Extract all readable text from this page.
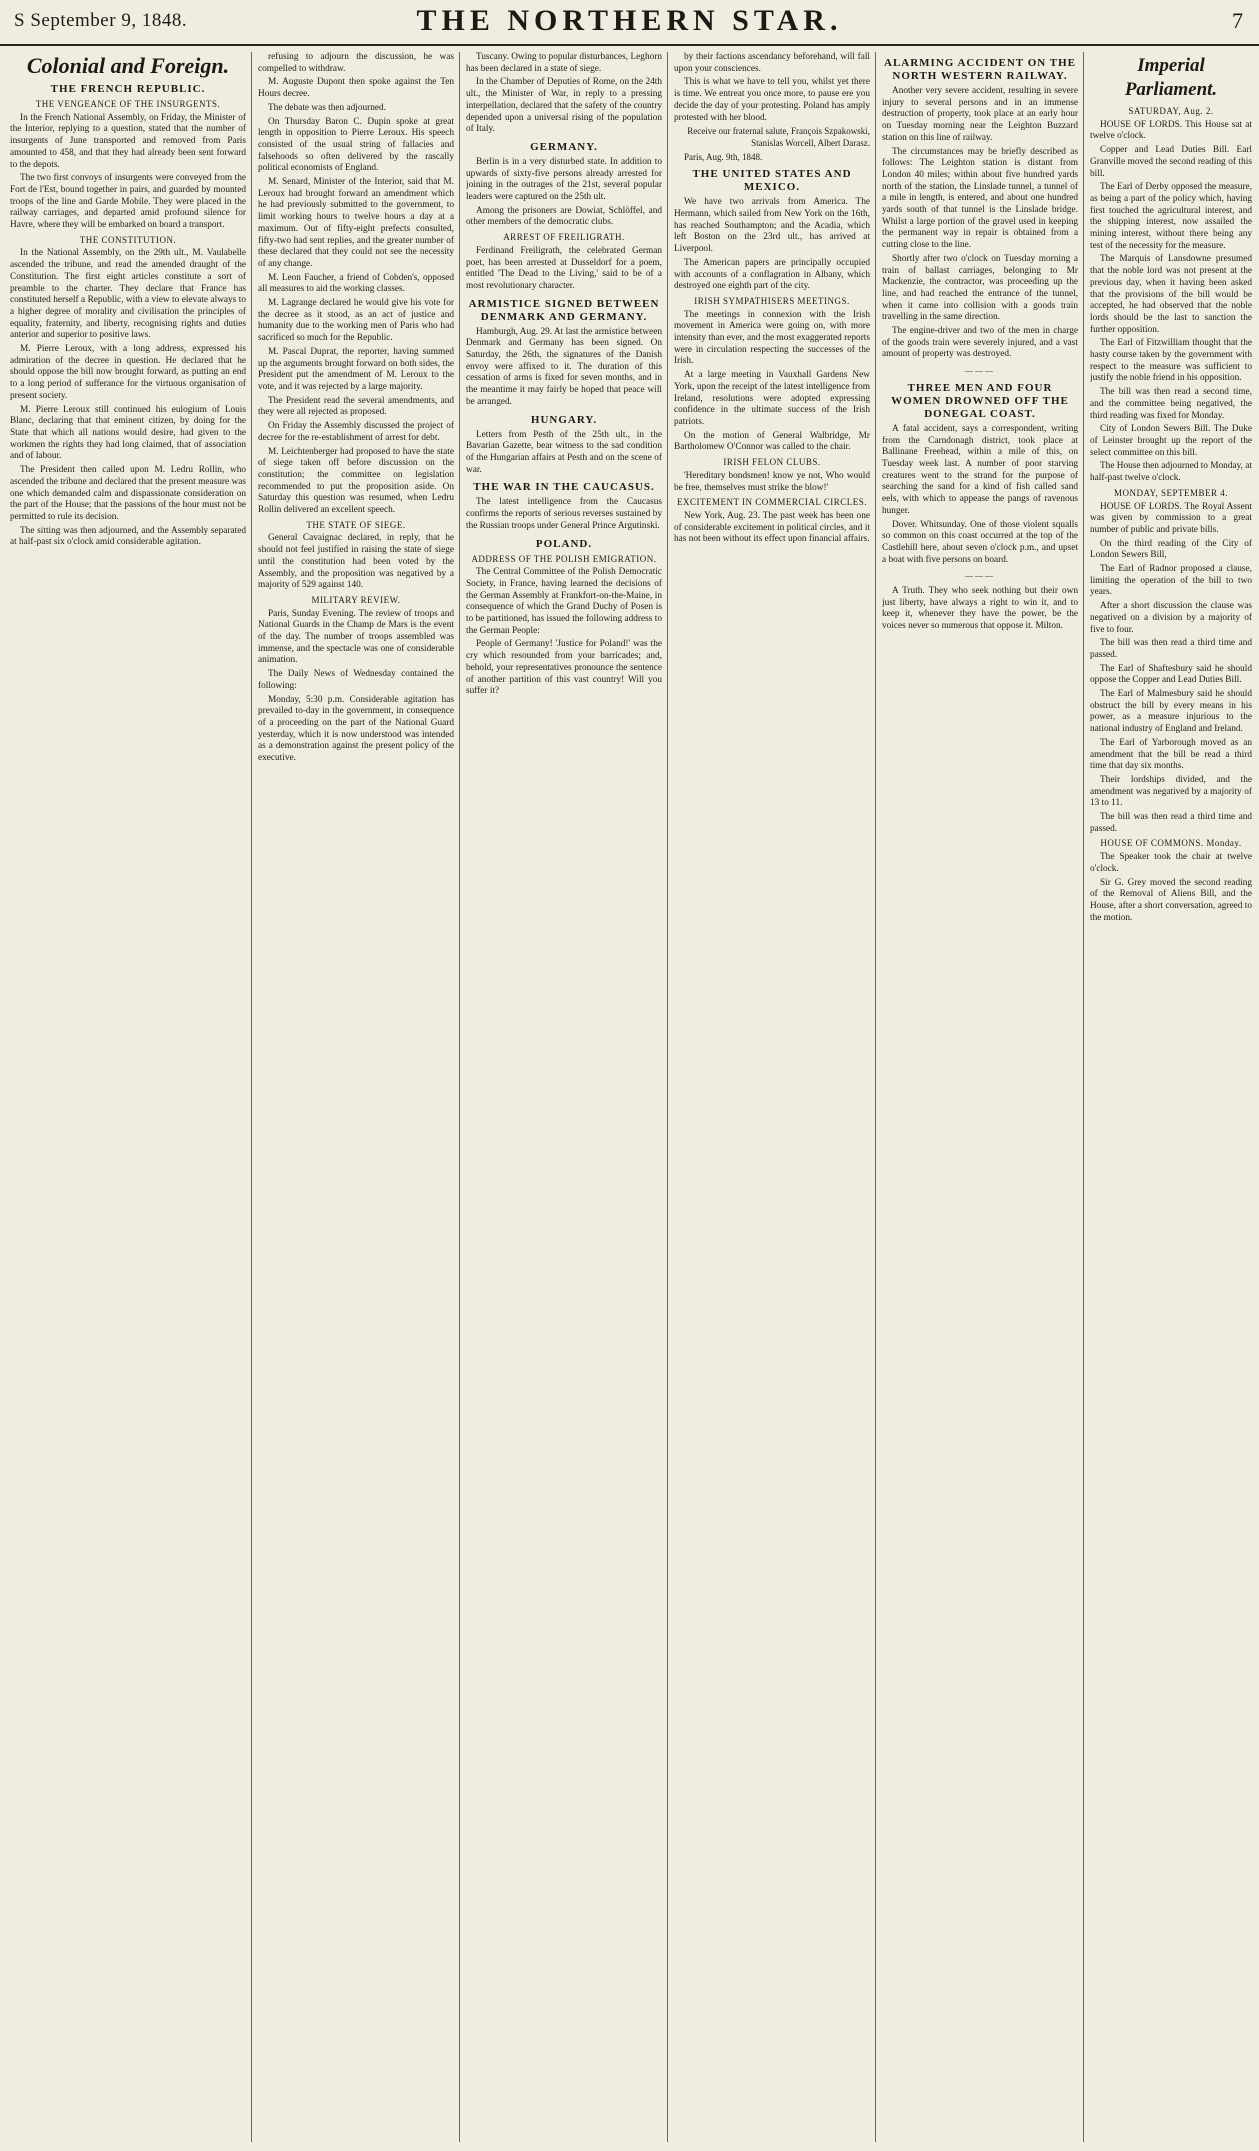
S September 9, 1848.	THE NORTHERN STAR.	7
Colonial and Foreign.
THE FRENCH REPUBLIC.
THE VENGEANCE OF THE INSURGENTS.

In the French National Assembly, on Friday, the Minister of the Interior, replying to a question, stated that the number of insurgents of June transported and removed from Paris amounted to 458, and that they had already been sent forward to the depots.

The two first convoys of insurgents were conveyed from the Fort de l'Est, bound together in pairs, and guarded by mounted troops of the line and Garde Mobile. They were placed in the railway carriages, and departed amid profound silence for Havre, where they will be embarked on board a transport.

THE CONSTITUTION.

In the National Assembly, on the 29th ult., M. Vaulabelle ascended the tribune, and read the amended draught of the Constitution. The first eight articles constitute a sort of preamble to the charter. They declare that France has constituted herself a Republic, with a view to elevate always to a higher degree of morality and civilisation the principles of equality, fraternity, and liberty, recognising rights and duties anterior and superior to positive laws.

M. Pierre Leroux, with a long address, expressed his admiration of the decree in question. He declared that he should oppose the bill now brought forward, as putting an end to a long period of sufferance for the virtuous organisation of present society.

M. Pierre Leroux still continued his eulogium of Louis Blanc, declaring that that eminent citizen, by doing for the State that which all nations would desire, had given to the workmen the rights they had long claimed, that of association and of labour.

The President then called upon M. Ledru Rollin, who ascended the tribune and declared that the present measure was one which demanded calm and dispassionate consideration on the part of the House; that the passions of the hour must not be permitted to rule its decision.

The sitting was then adjourned, and the Assembly separated at half-past six o'clock amid considerable agitation.

refusing to adjourn the discussion, he was compelled to withdraw.

M. Auguste Dupont then spoke against the Ten Hours decree.

The debate was then adjourned.

On Thursday Baron C. Dupin spoke at great length in opposition to Pierre Leroux. His speech consisted of the usual string of fallacies and falsehoods so often delivered by the rascally political economists of England.

M. Senard, Minister of the Interior, said that M. Leroux had brought forward an amendment which he had previously submitted to the government, to limit working hours to twelve hours a day at a maximum. Out of fifty-eight prefects consulted, fifty-two had sent replies, and the greater number of these declared that they could not see the necessity of any change.

M. Leon Faucher, a friend of Cobden's, opposed all measures to aid the working classes.

M. Lagrange declared he would give his vote for the decree as it stood, as an act of justice and humanity due to the working men of Paris who had sacrificed so much for the Republic.

M. Pascal Duprat, the reporter, having summed up the arguments brought forward on both sides, the President put the amendment of M. Leroux to the vote, and it was rejected by a large majority.

The President read the several amendments, and they were all rejected as proposed.

On Friday the Assembly discussed the project of decree for the re-establishment of arrest for debt.

M. Leichtenberger had proposed to have the state of siege taken off before discussion on the constitution; the committee on legislation recommended to put the proposition aside. On Saturday this question was resumed, when Ledru Rollin delivered an excellent speech.

THE STATE OF SIEGE.

General Cavaignac declared, in reply, that he should not feel justified in raising the state of siege until the constitution had been voted by the Assembly, and the proposition was negatived by a majority of 529 against 140.

MILITARY REVIEW.

Paris, Sunday Evening. The review of troops and National Guards in the Champ de Mars is the event of the day. The number of troops assembled was immense, and the spectacle was one of considerable animation.

The Daily News of Wednesday contained the following:

Monday, 5:30 p.m. Considerable agitation has prevailed to-day in the government, in consequence of a proceeding on the part of the National Guard yesterday, which it is now understood was intended as a demonstration against the present policy of the executive.

Tuscany. Owing to popular disturbances, Leghorn has been declared in a state of siege.

In the Chamber of Deputies of Rome, on the 24th ult., the Minister of War, in reply to a pressing interpellation, declared that the safety of the country depended upon a universal rising of the population of Italy.

GERMANY.

Berlin is in a very disturbed state. In addition to upwards of sixty-five persons already arrested for joining in the outrages of the 21st, several popular leaders were captured on the 25th ult.

Among the prisoners are Dowiat, Schlöffel, and other members of the democratic clubs.

ARREST OF FREILIGRATH.

Ferdinand Freiligrath, the celebrated German poet, has been arrested at Dusseldorf for a poem, entitled 'The Dead to the Living,' said to be of a most revolutionary character.

ARMISTICE SIGNED BETWEEN DENMARK AND GERMANY.

Hamburgh, Aug. 29. At last the armistice between Denmark and Germany has been signed. On Saturday, the 26th, the signatures of the Danish envoy were affixed to it. The duration of this cessation of arms is fixed for seven months, and in the meantime it may fairly be hoped that peace will be arranged.

HUNGARY.

Letters from Pesth of the 25th ult., in the Bavarian Gazette, bear witness to the sad condition of the Hungarian affairs at Pesth and on the scene of war.

THE WAR IN THE CAUCASUS.

The latest intelligence from the Caucasus confirms the reports of serious reverses sustained by the Russian troops under General Prince Argutinski.

POLAND.
ADDRESS OF THE POLISH EMIGRATION.

The Central Committee of the Polish Democratic Society, in France, having learned the decisions of the German Assembly at Frankfort-on-the-Maine, in consequence of which the Grand Duchy of Posen is to be partitioned, has issued the following address to the German People:

People of Germany! 'Justice for Poland!' was the cry which resounded from your barricades; and, behold, your representatives pronounce the sentence of another partition of this vast country! Will you suffer it?

by their factions ascendancy beforehand, will fall upon your consciences.

This is what we have to tell you, whilst yet there is time. We entreat you once more, to pause ere you decide the day of your protesting. Poland has amply protested with her blood.

Receive our fraternal salute, François Szpakowski, Stanislas Worcell, Albert Darasz.

Paris, Aug. 9th, 1848.

THE UNITED STATES AND MEXICO.

We have two arrivals from America. The Hermann, which sailed from New York on the 16th, has reached Southampton; and the Acadia, which left Boston on the 23rd ult., has arrived at Liverpool.

The American papers are principally occupied with accounts of a conflagration in Albany, which destroyed one eighth part of the city.

IRISH SYMPATHISERS MEETINGS.

The meetings in connexion with the Irish movement in America were going on, with more intensity than ever, and the most exaggerated reports were in circulation respecting the successes of the Irish.

At a large meeting in Vauxhall Gardens New York, upon the receipt of the latest intelligence from Ireland, resolutions were adopted expressing confidence in the ultimate success of the Irish patriots.

On the motion of General Walbridge, Mr Bartholomew O'Connor was called to the chair.

IRISH FELON CLUBS.

'Hereditary bondsmen! know ye not, Who would be free, themselves must strike the blow!'

EXCITEMENT IN COMMERCIAL CIRCLES.

New York, Aug. 23. The past week has been one of considerable excitement in political circles, and it has not been without its effect upon financial affairs.

ALARMING ACCIDENT ON THE NORTH WESTERN RAILWAY.

Another very severe accident, resulting in severe injury to several persons and in an immense destruction of property, took place at an early hour on Tuesday morning near the Leighton Buzzard station on this line of railway.

The circumstances may be briefly described as follows: The Leighton station is distant from London 40 miles; within about five hundred yards north of the station, the Linslade tunnel, a tunnel of a mile in length, is entered, and about one hundred yards south of that tunnel is the Linslade bridge. Whilst a large portion of the gravel used in keeping the permanent way in repair is obtained from a cutting close to the line.

Shortly after two o'clock on Tuesday morning a train of ballast carriages, belonging to Mr Mackenzie, the contractor, was proceeding up the line, and had reached the entrance of the tunnel, when it came into collision with a goods train travelling in the same direction.

The engine-driver and two of the men in charge of the goods train were severely injured, and a vast amount of property was destroyed.

———
THREE MEN AND FOUR WOMEN DROWNED OFF THE DONEGAL COAST.

A fatal accident, says a correspondent, writing from the Carndonagh district, took place at Ballinane Freehead, within a mile of this, on Tuesday week last. A number of poor starving creatures went to the strand for the purpose of searching the sand for a kind of fish called sand eels, with which to appease the pangs of ravenous hunger.

Dover. Whitsunday. One of those violent squalls so common on this coast occurred at the top of the Castlehill here, about seven o'clock p.m., and upset a boat with five persons on board.

———

A Truth. They who seek nothing but their own just liberty, have always a right to win it, and to keep it, whenever they have the power, be the voices never so numerous that oppose it. Milton.

Imperial Parliament.
SATURDAY, Aug. 2.

HOUSE OF LORDS. This House sat at twelve o'clock.

Copper and Lead Duties Bill. Earl Granville moved the second reading of this bill.

The Earl of Derby opposed the measure, as being a part of the policy which, having first touched the agricultural interest, and the shipping interest, now assailed the mining interest, without there being any test of the necessity for the measure.

The Marquis of Lansdowne presumed that the noble lord was not present at the previous day, when it having been asked that the provisions of the bill would be accepted, he had observed that the noble lords should be the last to sanction the further opposition.

The Earl of Fitzwilliam thought that the hasty course taken by the government with respect to the measure was sufficient to justify the noble friend in his opposition.

The bill was then read a second time, and the committee being negatived, the third reading was fixed for Monday.

City of London Sewers Bill. The Duke of Leinster brought up the report of the select committee on this bill.

The House then adjourned to Monday, at half-past twelve o'clock.

MONDAY, SEPTEMBER 4.

HOUSE OF LORDS. The Royal Assent was given by commission to a great number of public and private bills.

On the third reading of the City of London Sewers Bill,

The Earl of Radnor proposed a clause, limiting the operation of the bill to two years.

After a short discussion the clause was negatived on a division by a majority of five to four.

The bill was then read a third time and passed.

The Earl of Shaftesbury said he should oppose the Copper and Lead Duties Bill.

The Earl of Malmesbury said he should obstruct the bill by every means in his power, as a measure injurious to the national industry of England and Ireland.

The Earl of Yarborough moved as an amendment that the bill be read a third time that day six months.

Their lordships divided, and the amendment was negatived by a majority of 13 to 11.

The bill was then read a third time and passed.

HOUSE OF COMMONS. Monday.

The Speaker took the chair at twelve o'clock.

Sir G. Grey moved the second reading of the Removal of Aliens Bill, and the House, after a short conversation, agreed to the motion.
